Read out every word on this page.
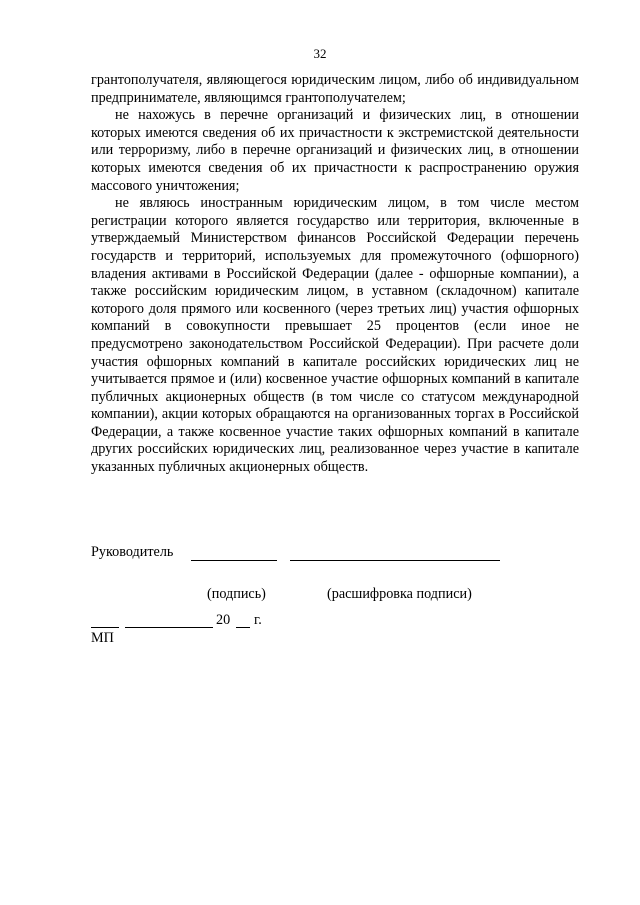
32

грантополучателя, являющегося юридическим лицом, либо об индивидуальном предпринимателе, являющимся грантополучателем;

не нахожусь в перечне организаций и физических лиц, в отношении которых имеются сведения об их причастности к экстремистской деятельности или терроризму, либо в перечне организаций и физических лиц, в отношении которых имеются сведения об их причастности к распространению оружия массового уничтожения;

не являюсь иностранным юридическим лицом, в том числе местом регистрации которого является государство или территория, включенные в утверждаемый Министерством финансов Российской Федерации перечень государств и территорий, используемых для промежуточного (офшорного) владения активами в Российской Федерации (далее - офшорные компании), а также российским юридическим лицом, в уставном (складочном) капитале которого доля прямого или косвенного (через третьих лиц) участия офшорных компаний в совокупности превышает 25 процентов (если иное не предусмотрено законодательством Российской Федерации). При расчете доли участия офшорных компаний в капитале российских юридических лиц не учитывается прямое и (или) косвенное участие офшорных компаний в капитале публичных акционерных обществ (в том числе со статусом международной компании), акции которых обращаются на организованных торгах в Российской Федерации, а также косвенное участие таких офшорных компаний в капитале других российских юридических лиц, реализованное через участие в капитале указанных публичных акционерных обществ.

Руководитель
(подпись)	(расшифровка подписи)
20 г.
МП
